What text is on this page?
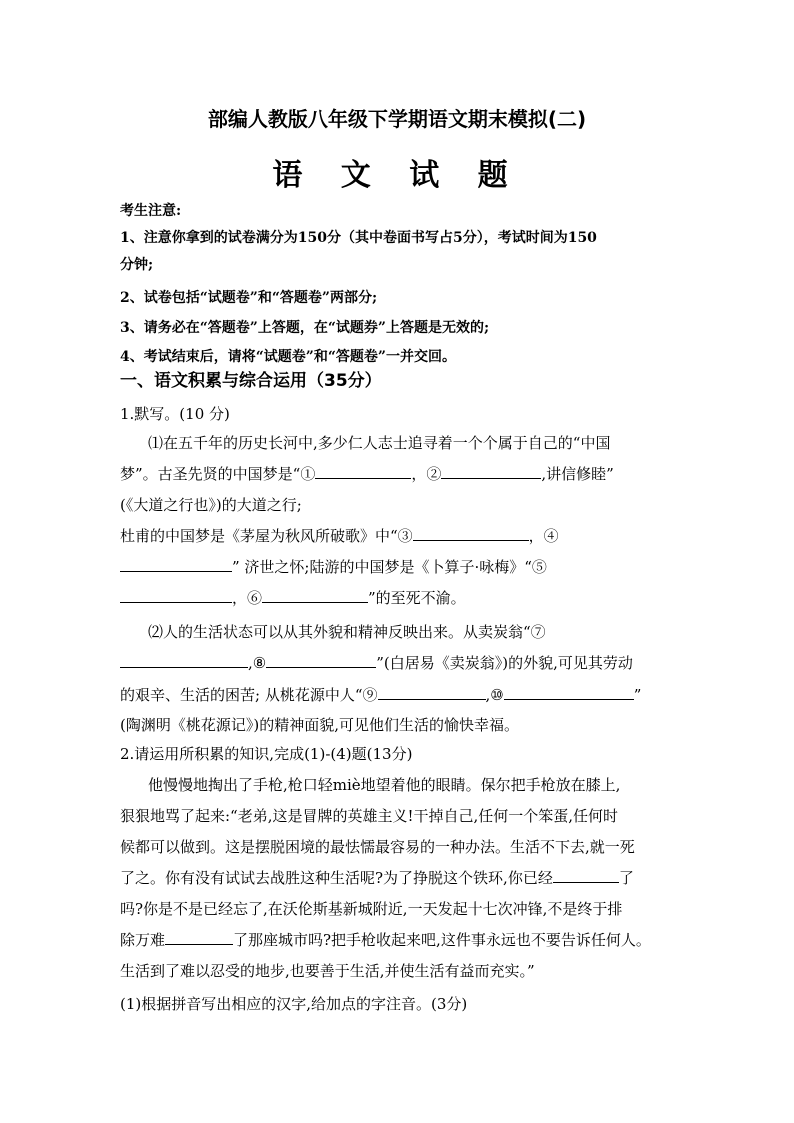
部编人教版八年级下学期语文期末模拟(二)
语 文 试 题
考生注意:
1、注意你拿到的试卷满分为150分（其中卷面书写占5分），考试时间为150
分钟;
2、试卷包括“试题卷”和“答题卷”两部分;
3、请务必在“答题卷”上答题，在“试题券”上答题是无效的;
4、考试结束后，请将“试题卷”和“答题卷”一并交回。
一、语文积累与综合运用（35分）
1.默写。(10 分)
⑴在五千年的历史长河中,多少仁人志士追寻着一个个属于自己的“中国
梦”。古圣先贤的中国梦是“①	，②	,讲信修睦”
(《大道之行也》)的大道之行;
杜甫的中国梦是《茅屋为秋风所破歌》中“③	，④
” 济世之怀;陆游的中国梦是《卜算子·咏梅》“⑤
，⑥	”的至死不渝。
⑵人的生活状态可以从其外貌和精神反映出来。从卖炭翁“⑦
,⑧	”(白居易《卖炭翁》)的外貌,可见其劳动
的艰辛、生活的困苦; 从桃花源中人“⑨	,⑩	”
(陶渊明《桃花源记》)的精神面貌,可见他们生活的愉快幸福。
2.请运用所积累的知识,完成(1)-(4)题(13分)
他慢慢地掏出了手枪,枪口轻miè地望着他的眼睛。保尔把手枪放在膝上,
狠狠地骂了起来:“老弟,这是冒牌的英雄主义!干掉自己,任何一个笨蛋,任何时
候都可以做到。这是摆脱困境的最怯懦最容易的一种办法。生活不下去,就一死
了之。你有没有试试去战胜这种生活呢?为了挣脱这个铁环,你已经	了
吗?你是不是已经忘了,在沃伦斯基新城附近,一天发起十七次冲锋,不是终于排
除万难	了那座城市吗?把手枪收起来吧,这件事永远也不要告诉任何人。
生活到了难以忍受的地步,也要善于生活,并使生活有益而充实。”
(1)根据拼音写出相应的汉字,给加点的字注音。(3分)
